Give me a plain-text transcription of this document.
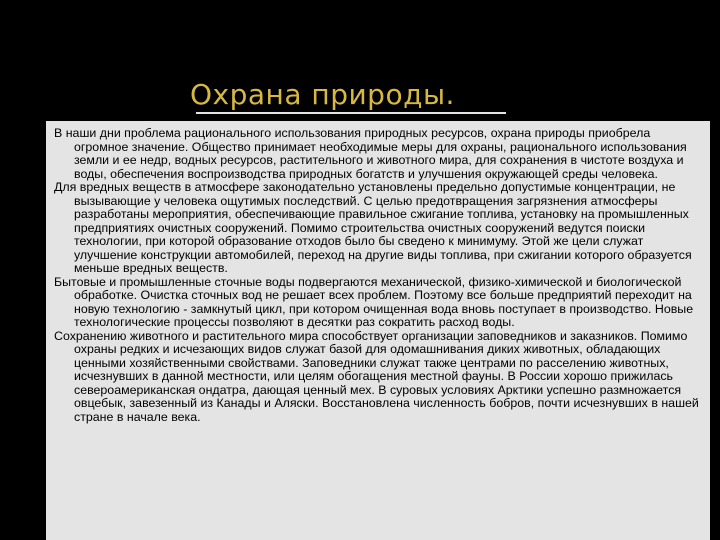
Охрана природы.

В наши дни проблема рационального использования природных ресурсов, охрана природы приобрела огромное значение. Общество принимает необходимые меры для охраны, рационального использования земли и ее недр, водных ресурсов, растительного и животного мира, для сохранения в чистоте воздуха и воды, обеспечения воспроизводства природных богатств и улучшения окружающей среды человека.

Для вредных веществ в атмосфере законодательно установлены предельно допустимые концентрации, не вызывающие у человека ощутимых последствий. С целью предотвращения загрязнения атмосферы разработаны мероприятия, обеспечивающие правильное сжигание топлива, установку на промышленных предприятиях очистных сооружений. Помимо строительства очистных сооружений ведутся поиски технологии, при которой образование отходов было бы сведено к минимуму. Этой же цели служат улучшение конструкции автомобилей, переход на другие виды топлива, при сжигании которого образуется меньше вредных веществ.

Бытовые и промышленные сточные воды подвергаются механической, физико-химической и биологической обработке. Очистка сточных вод не решает всех проблем. Поэтому все больше предприятий переходит на новую технологию - замкнутый цикл, при котором очищенная вода вновь поступает в производство. Новые технологические процессы позволяют в десятки раз сократить расход воды.

Сохранению животного и растительного мира способствует организации заповедников и заказников. Помимо охраны редких и исчезающих видов служат базой для одомашнивания диких животных, обладающих ценными хозяйственными свойствами. Заповедники служат также центрами по расселению животных, исчезнувших в данной местности, или целям обогащения местной фауны. В России хорошо прижилась североамериканская ондатра, дающая ценный мех. В суровых условиях Арктики успешно размножается овцебык, завезенный из Канады и Аляски. Восстановлена численность бобров, почти исчезнувших в нашей стране в начале века.
